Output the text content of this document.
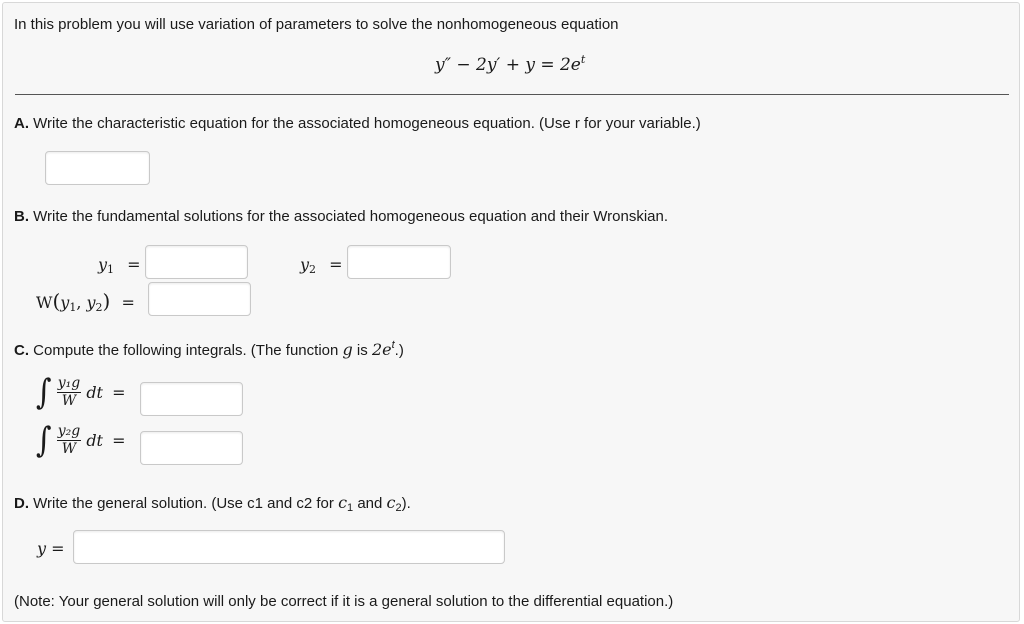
In this problem you will use variation of parameters to solve the nonhomogeneous equation
$y'' - 2y' + y = 2e^t$
A. Write the characteristic equation for the associated homogeneous equation. (Use r for your variable.)
B. Write the fundamental solutions for the associated homogeneous equation and their Wronskian.
$y_1$ =	$y_2$ =
$W(y_1$, $y_2$) =
C. Compute the following integrals. (The function g is $2e^t$.)
∫ $\frac{\text{y₁g}}{W}$ dt =
∫ $\frac{\text{y₂g}}{W}$ dt =
D. Write the general solution. (Use c1 and c2 for $c_1$ and $c_2$).
y =
(Note: Your general solution will only be correct if it is a general solution to the differential equation.)
